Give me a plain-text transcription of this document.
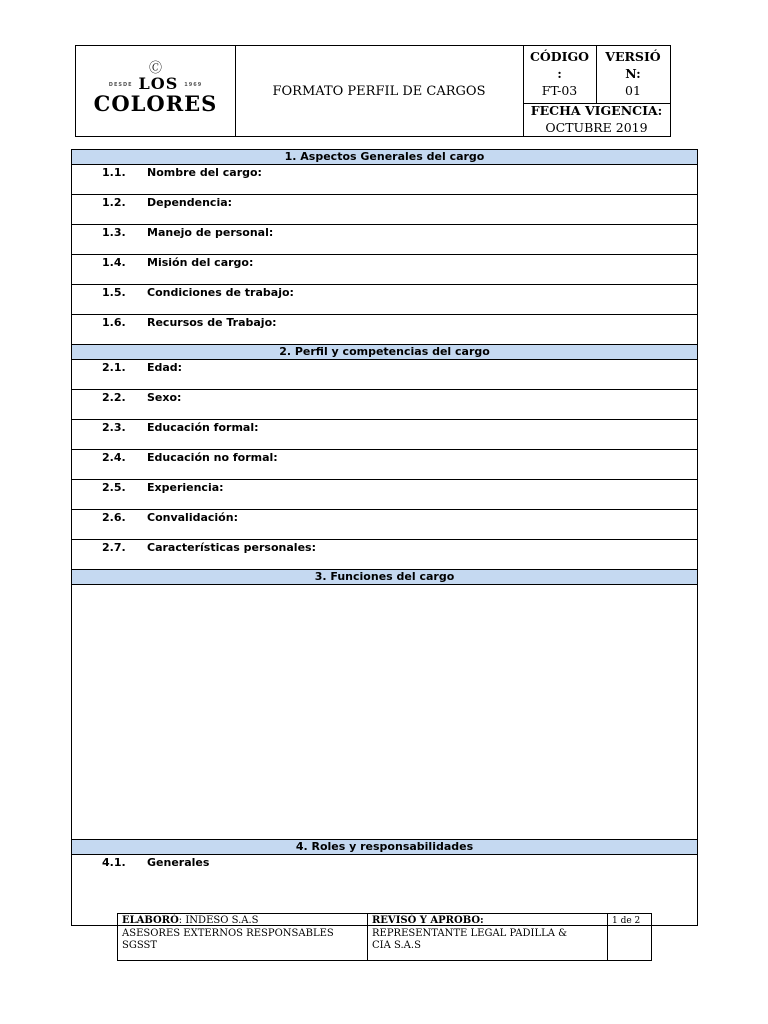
🄫
DESDE LOS 1969
COLORES	FORMATO PERFIL DE CARGOS
CÓDIGO
:
FT-03
VERSIÓ
N:
01
FECHA VIGENCIA:
OCTUBRE 2019
1. Aspectos Generales del cargo
1.1. Nombre del cargo:
1.2. Dependencia:
1.3. Manejo de personal:
1.4. Misión del cargo:
1.5. Condiciones de trabajo:
1.6. Recursos de Trabajo:
2. Perfil y competencias del cargo
2.1. Edad:
2.2. Sexo:
2.3. Educación formal:
2.4. Educación no formal:
2.5. Experiencia:
2.6. Convalidación:
2.7. Características personales:
3. Funciones del cargo
4. Roles y responsabilidades
4.1. Generales
ELABORÓ: INDESO S.A.S
ASESORES EXTERNOS RESPONSABLES
SGSST
REVISÓ Y APROBO:
REPRESENTANTE LEGAL PADILLA &
CIA S.A.S
1 de 2
